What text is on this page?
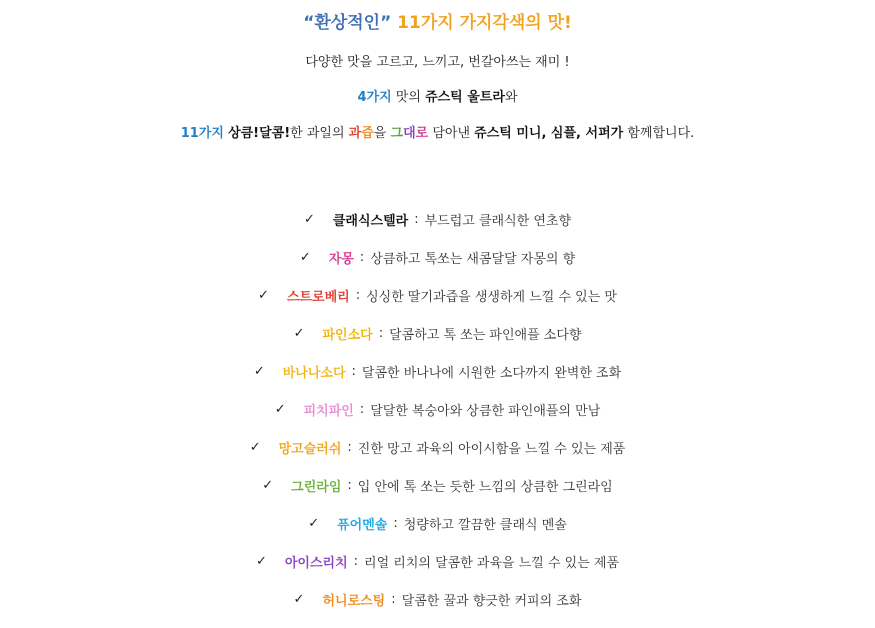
“환상적인” 11가지 가지각색의 맛!
다양한 맛을 고르고, 느끼고, 번갈아쓰는 재미 !
4가지 맛의 쥬스틱 울트라와
11가지 상큼!달콤!한 과일의 과즙을 그대로 담아낸 쥬스틱 미니, 심플, 서퍼가 함께합니다.
✓ 클래식스텔라 : 부드럽고 클래식한 연초향
✓ 자몽 : 상큼하고 톡쏘는 새콤달달 자몽의 향
✓ 스트로베리 : 싱싱한 딸기과즙을 생생하게 느낄 수 있는 맛
✓ 파인소다 : 달콤하고 톡 쏘는 파인애플 소다향
✓ 바나나소다 : 달콤한 바나나에 시원한 소다까지 완벽한 조화
✓ 피치파인 : 달달한 복숭아와 상큼한 파인애플의 만남
✓ 망고슬러쉬 : 진한 망고 과육의 아이시함을 느낄 수 있는 제품
✓ 그린라임 : 입 안에 톡 쏘는 듯한 느낌의 상큼한 그린라임
✓ 퓨어멘솔 : 청량하고 깔끔한 클래식 멘솔
✓ 아이스리치 : 리얼 리치의 달콤한 과육을 느낄 수 있는 제품
✓ 허니로스팅 : 달콤한 꿀과 향긋한 커피의 조화
